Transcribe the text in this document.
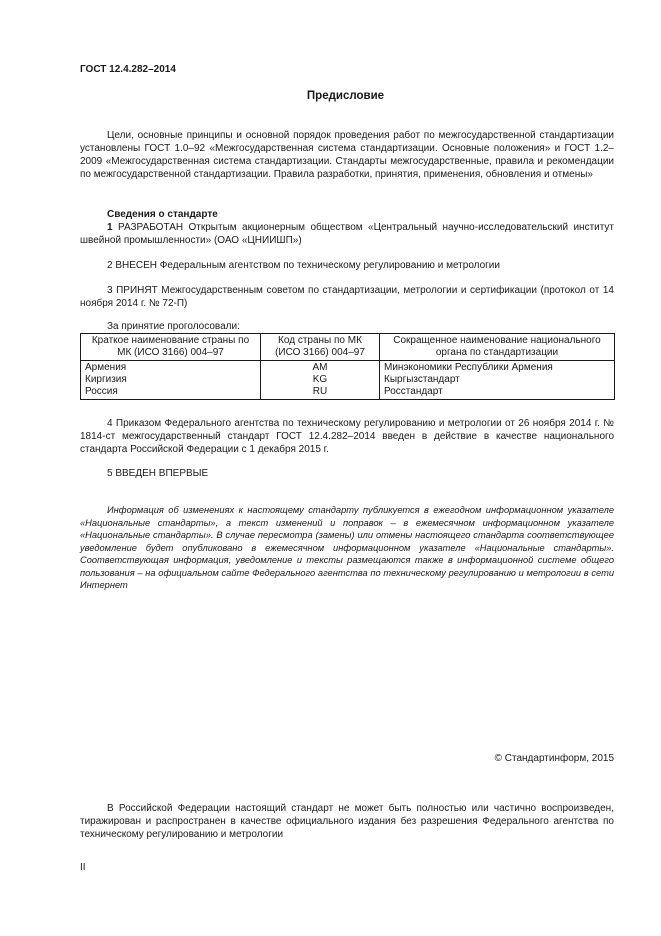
ГОСТ 12.4.282–2014
Предисловие

Цели, основные принципы и основной порядок проведения работ по межгосударственной стандартизации установлены ГОСТ 1.0–92 «Межгосударственная система стандартизации. Основные положения» и ГОСТ 1.2–2009 «Межгосударственная система стандартизации. Стандарты межгосударственные, правила и рекомендации по межгосударственной стандартизации. Правила разработки, принятия, применения, обновления и отмены»

Сведения о стандарте

1 РАЗРАБОТАН Открытым акционерным обществом «Центральный научно-исследовательский институт швейной промышленности» (ОАО «ЦНИИШП»)

2 ВНЕСЕН Федеральным агентством по техническому регулированию и метрологии

3 ПРИНЯТ Межгосударственным советом по стандартизации, метрологии и сертификации (протокол от 14 ноября 2014 г. № 72-П)

За принятие проголосовали:
Краткое наименование страны по МК (ИСО 3166) 004–97	Код страны по МК (ИСО 3166) 004–97	Сокращенное наименование национального органа по стандартизации
Армения	AM	Минэкономики Республики Армения
Киргизия	KG	Кыргызстандарт
Россия	RU	Росстандарт

4 Приказом Федерального агентства по техническому регулированию и метрологии от 26 ноября 2014 г. № 1814-ст межгосударственный стандарт ГОСТ 12.4.282–2014 введен в действие в качестве национального стандарта Российской Федерации с 1 декабря 2015 г.

5 ВВЕДЕН ВПЕРВЫЕ

Информация об изменениях к настоящему стандарту публикуется в ежегодном информационном указателе «Национальные стандарты», а текст изменений и поправок – в ежемесячном информационном указателе «Национальные стандарты». В случае пересмотра (замены) или отмены настоящего стандарта соответствующее уведомление будет опубликовано в ежемесячном информационном указателе «Национальные стандарты». Соответствующая информация, уведомление и тексты размещаются также в информационной системе общего пользования – на официальном сайте Федерального агентства по техническому регулированию и метрологии в сети Интернет

© Стандартинформ, 2015

В Российской Федерации настоящий стандарт не может быть полностью или частично воспроизведен, тиражирован и распространен в качестве официального издания без разрешения Федерального агентства по техническому регулированию и метрологии

II
